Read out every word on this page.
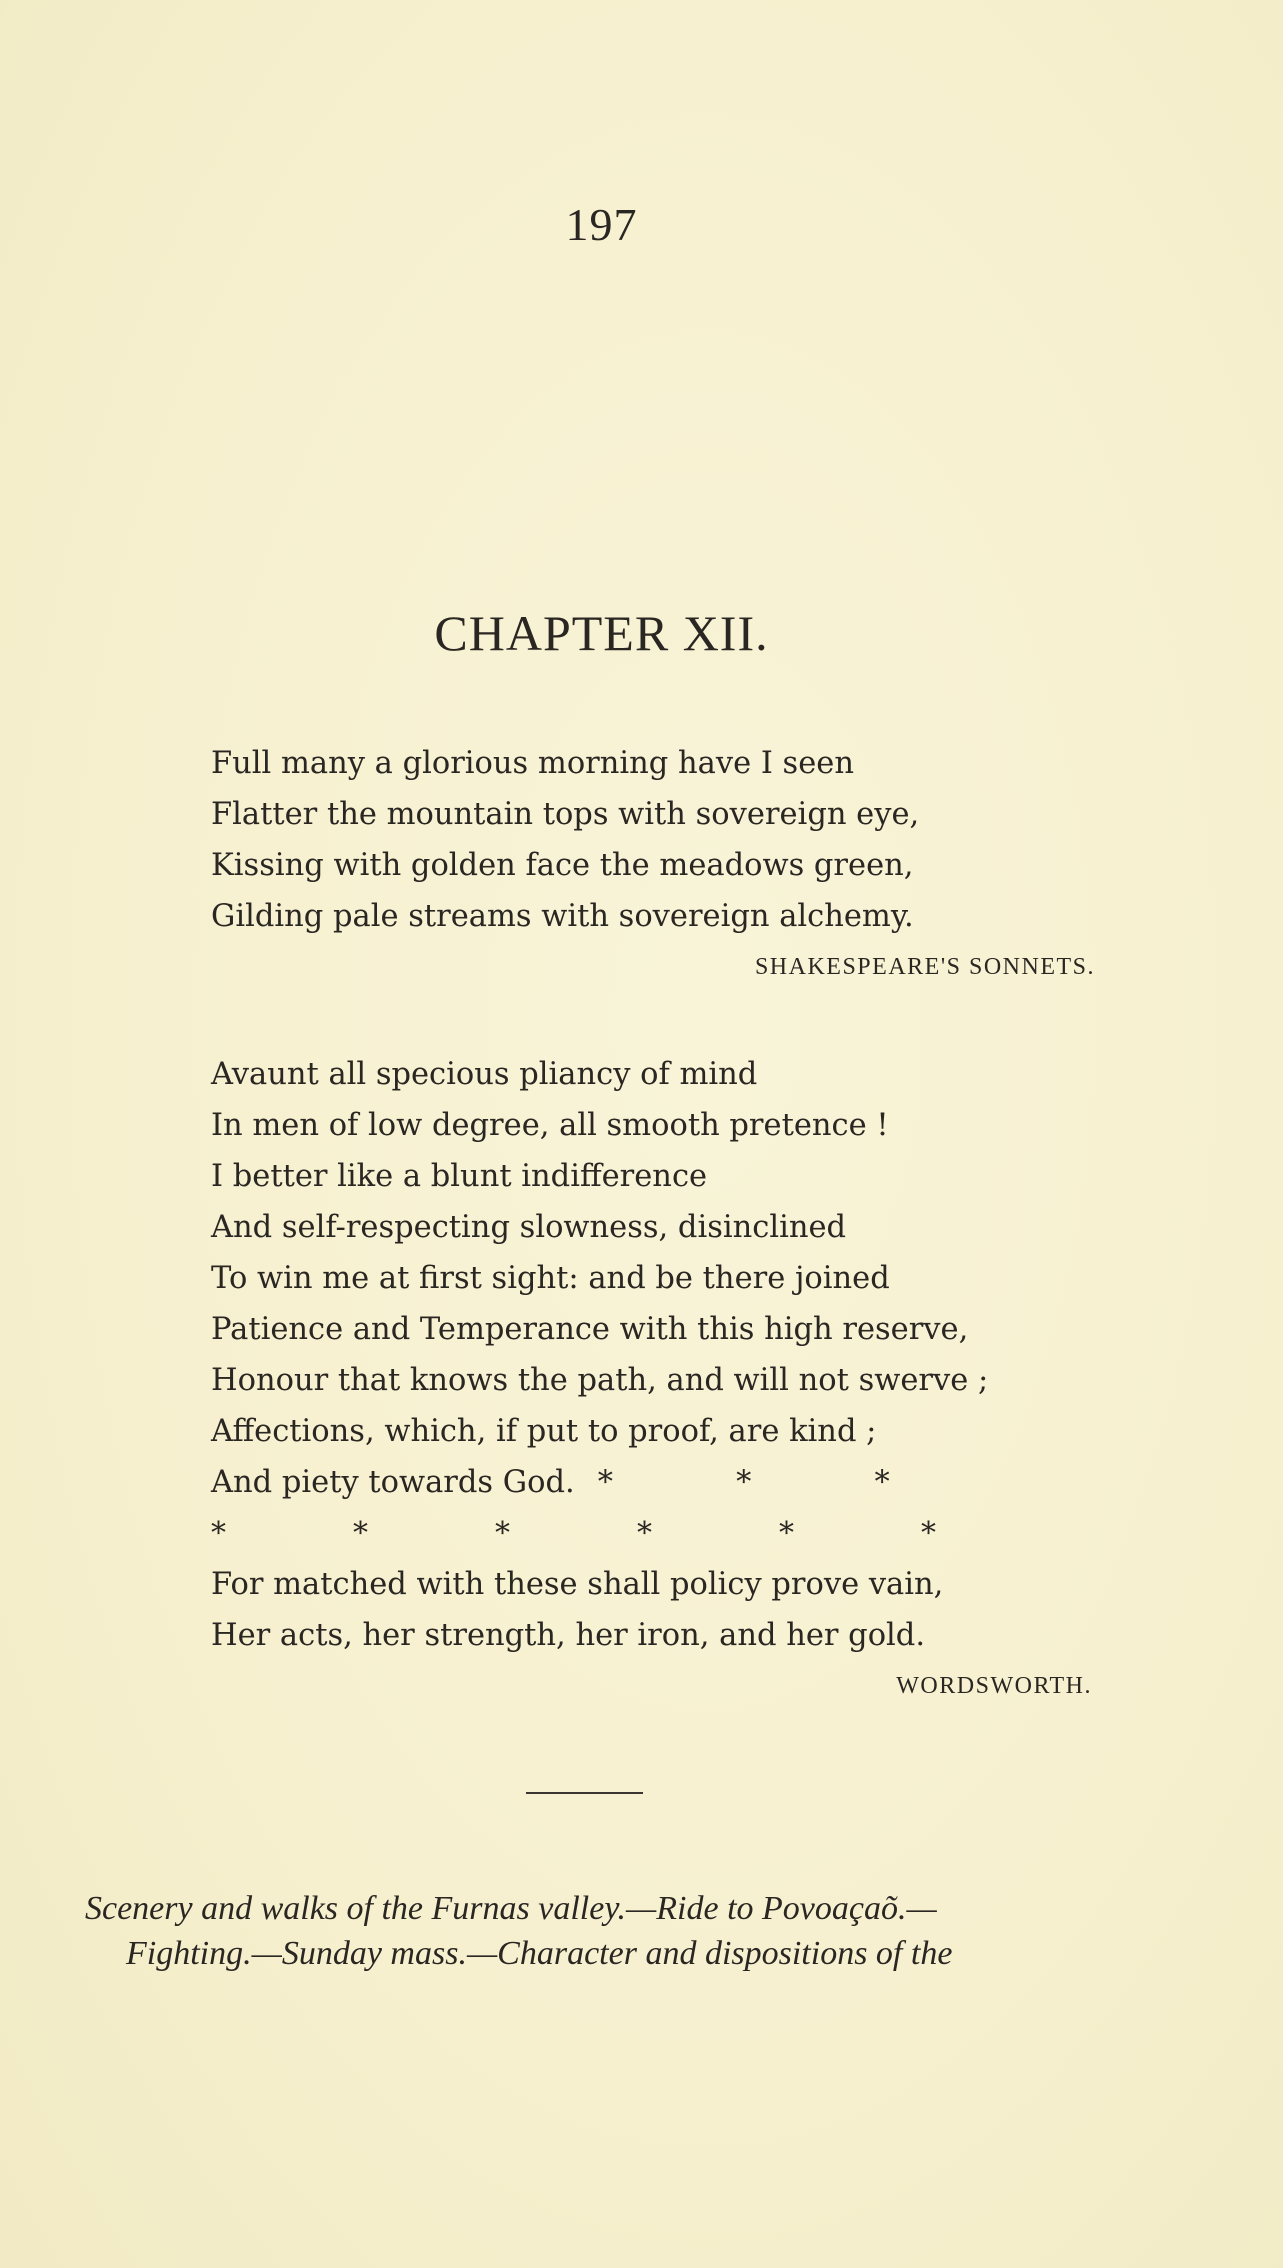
197
CHAPTER XII.
Full many a glorious morning have I seen
Flatter the mountain tops with sovereign eye,
Kissing with golden face the meadows green,
Gilding pale streams with sovereign alchemy.
SHAKESPEARE'S SONNETS.
Avaunt all specious pliancy of mind
In men of low degree, all smooth pretence !
I better like a blunt indifference
And self-respecting slowness, disinclined
To win me at first sight: and be there joined
Patience and Temperance with this high reserve,
Honour that knows the path, and will not swerve ;
Affections, which, if put to proof, are kind ;
And piety towards God. *	*	*
*	*	*	*	*	*
For matched with these shall policy prove vain,
Her acts, her strength, her iron, and her gold.
WORDSWORTH.
Scenery and walks of the Furnas valley.—Ride to Povoaçaõ.—
Fighting.—Sunday mass.—Character and dispositions of the
